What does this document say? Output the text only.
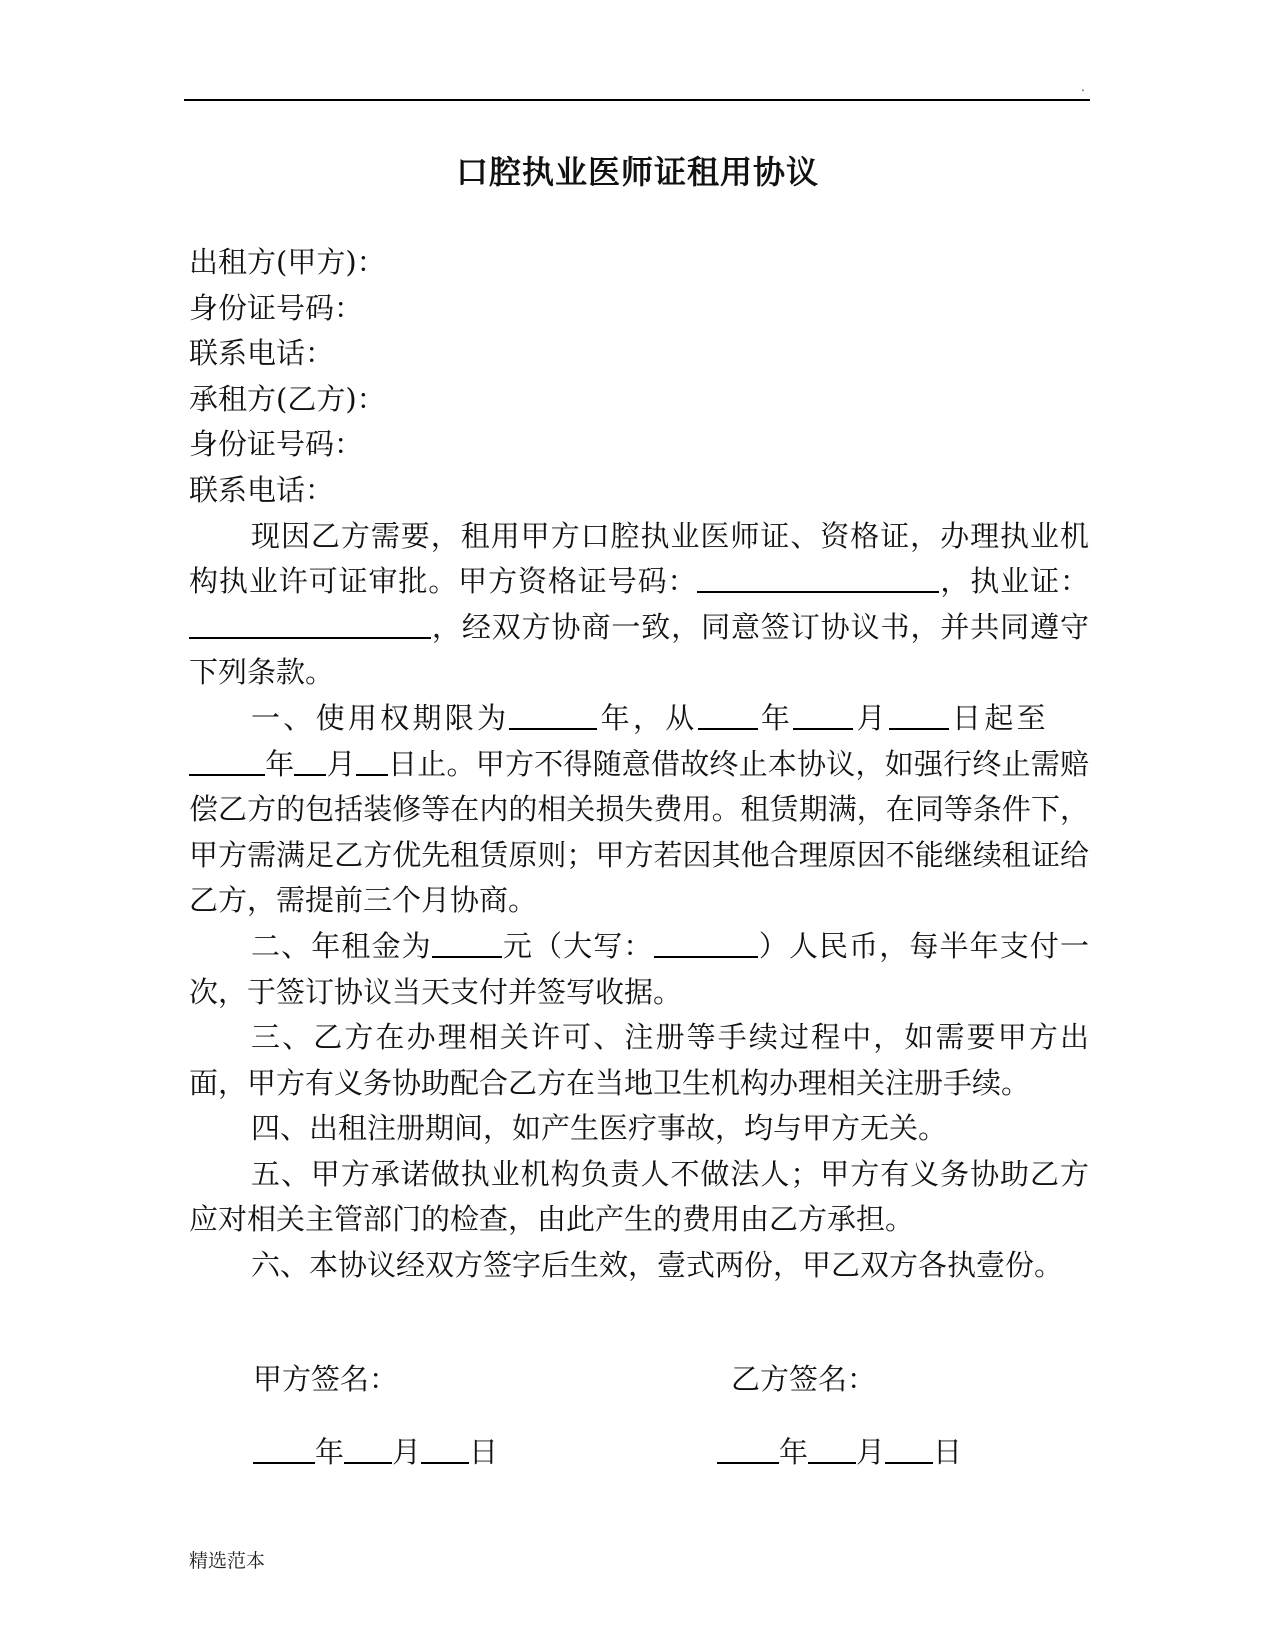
.
口腔执业医师证租用协议
出租方(甲方)：
身份证号码：
联系电话：
承租方(乙方)：
身份证号码：
联系电话：
现因乙方需要，租用甲方口腔执业医师证、资格证，办理执业机构执业许可证审批。甲方资格证号码：	，执业证：，经双方协商一致，同意签订协议书，并共同遵守下列条款。
一、使用权期限为	年，从 年 月 日起至年 月 日止。甲方不得随意借故终止本协议，如强行终止需赔偿乙方的包括装修等在内的相关损失费用。租赁期满，在同等条件下，甲方需满足乙方优先租赁原则；甲方若因其他合理原因不能继续租证给乙方，需提前三个月协商。
二、年租金为 元（大写：	）人民币，每半年支付一次，于签订协议当天支付并签写收据。
三、乙方在办理相关许可、注册等手续过程中，如需要甲方出面，甲方有义务协助配合乙方在当地卫生机构办理相关注册手续。
四、出租注册期间，如产生医疗事故，均与甲方无关。
五、甲方承诺做执业机构负责人不做法人；甲方有义务协助乙方应对相关主管部门的检查，由此产生的费用由乙方承担。
六、本协议经双方签字后生效，壹式两份，甲乙双方各执壹份。
甲方签名：	乙方签名：
年 月 日	年 月 日
精选范本
